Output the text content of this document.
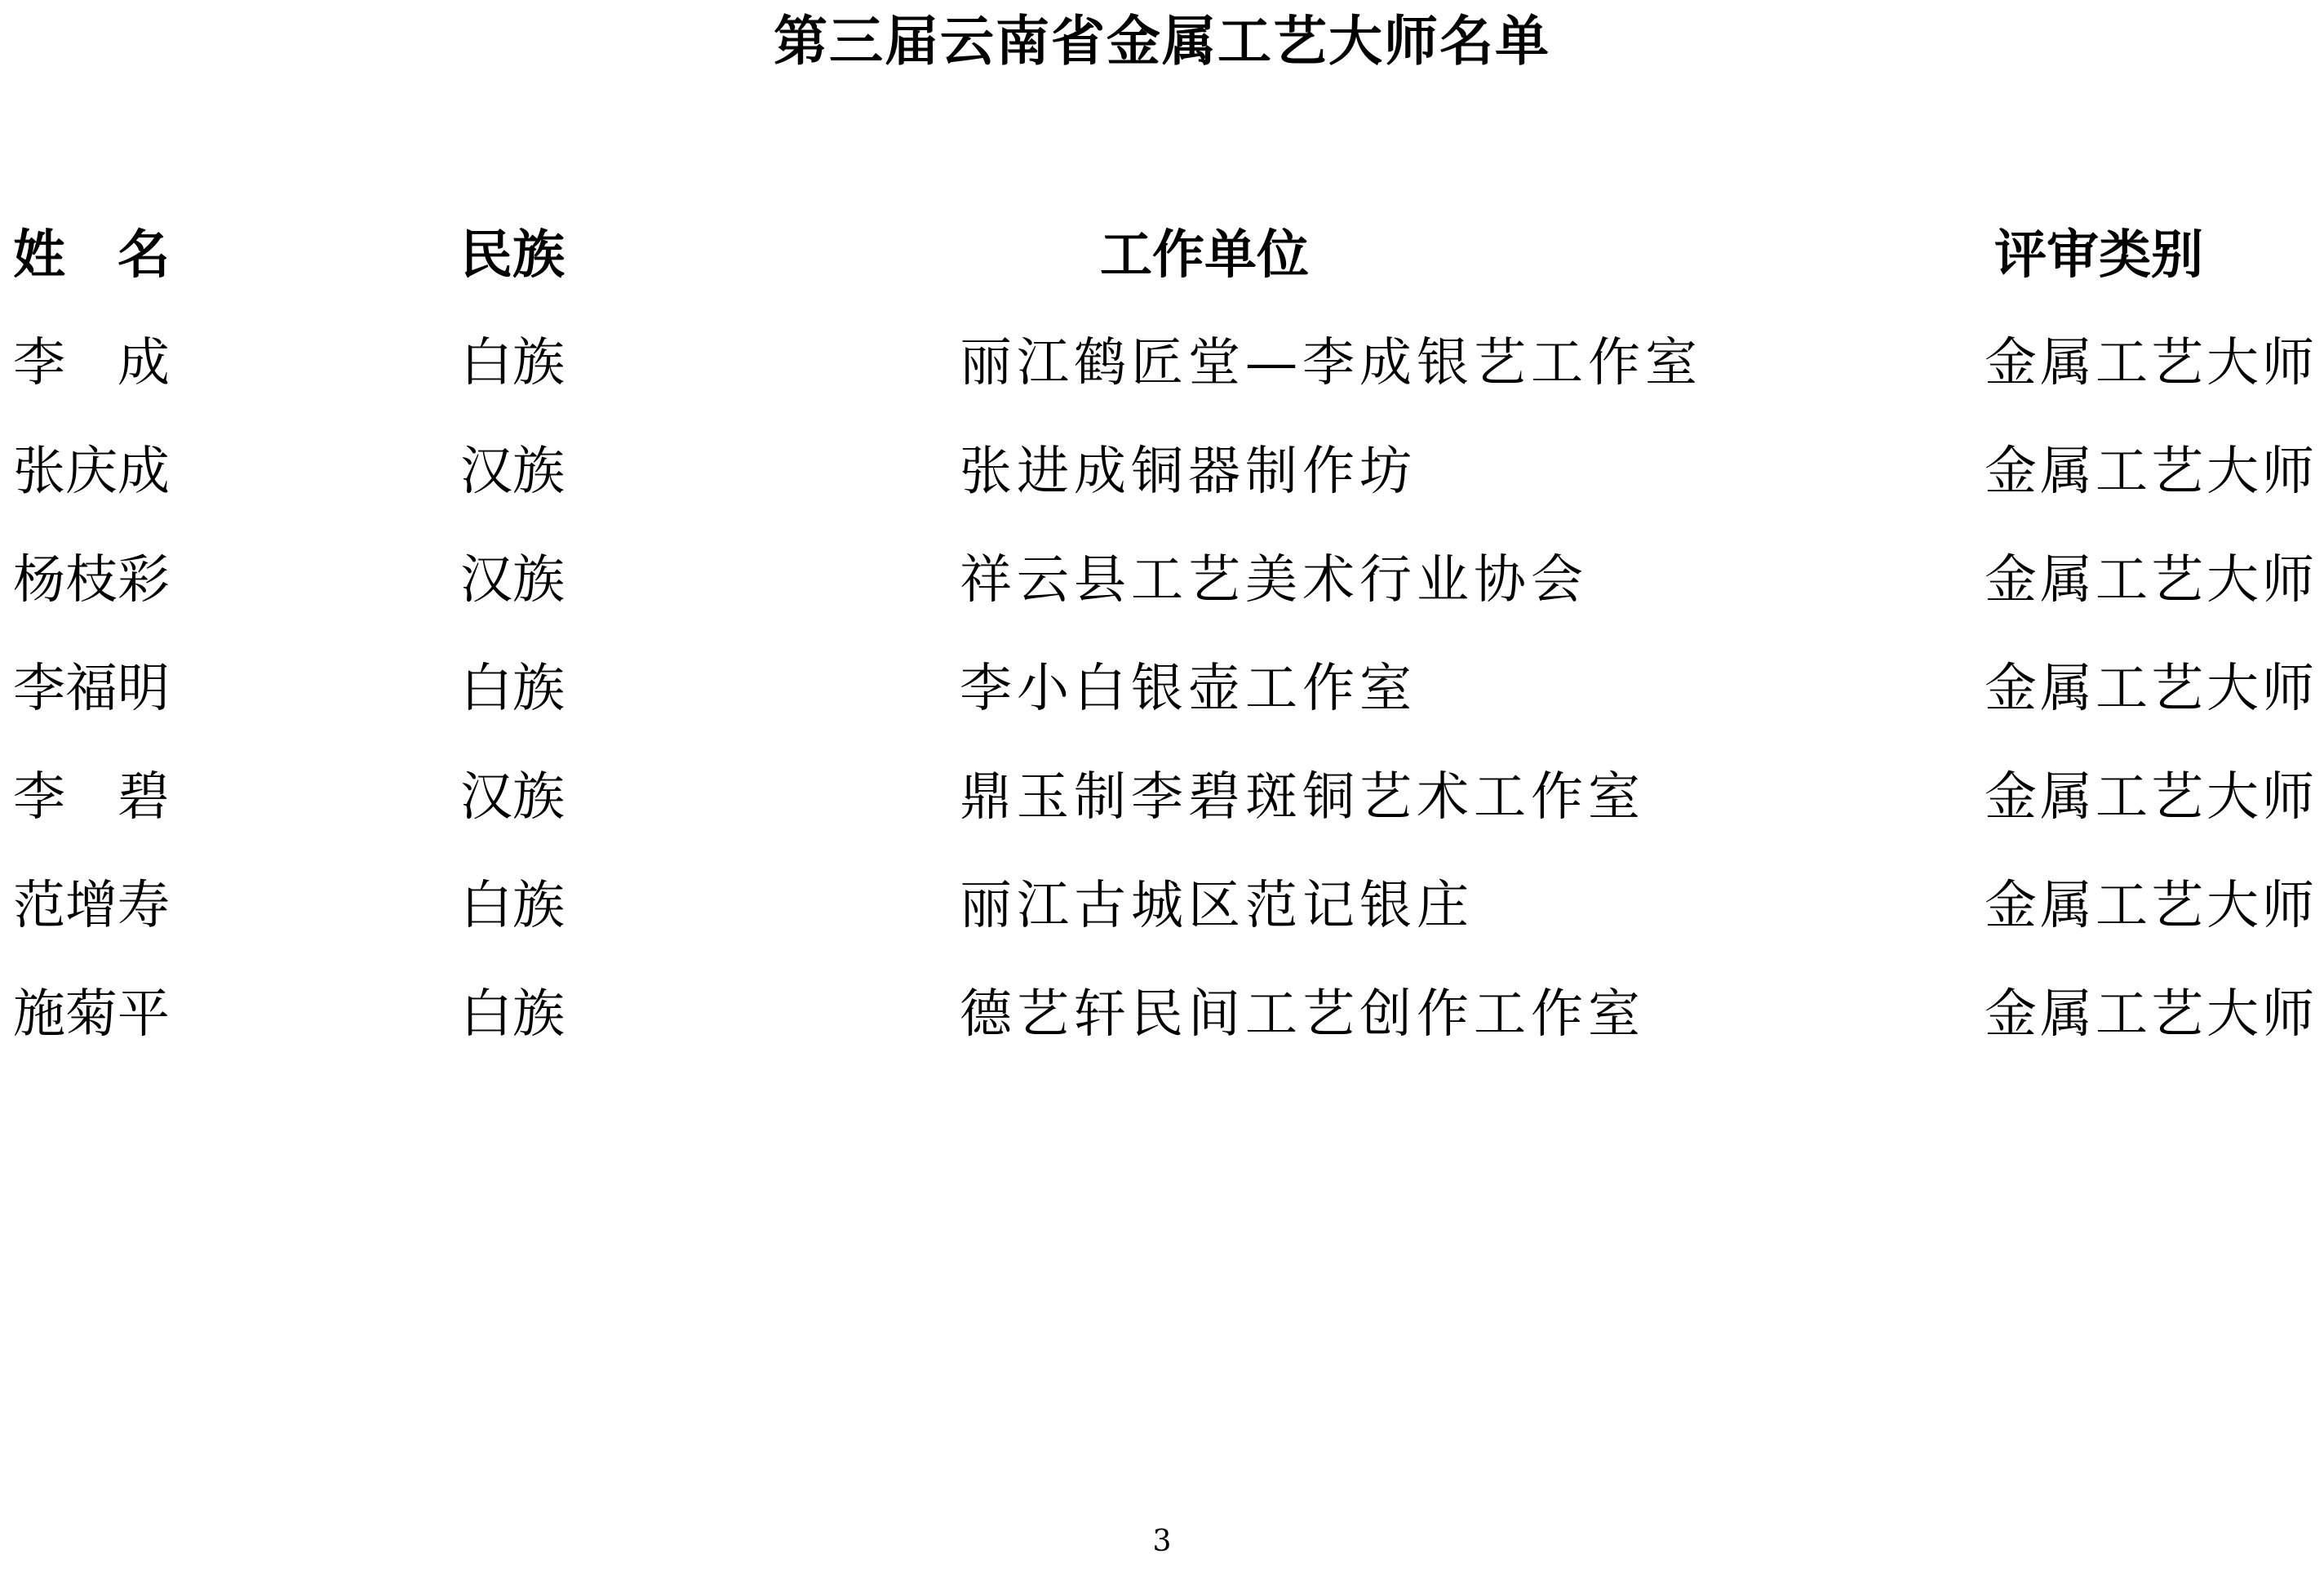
第三届云南省金属工艺大师名单
姓　名	民族	工作单位	评审类别
李　成	白族	丽江鹤匠堂—李成银艺工作室	金属工艺大师
张庆成	汉族	张进成铜器制作坊	金属工艺大师
杨枝彩	汉族	祥云县工艺美术行业协会	金属工艺大师
李福明	白族	李小白银壶工作室	金属工艺大师
李　碧	汉族	鼎玉制李碧斑铜艺术工作室	金属工艺大师
范增寿	白族	丽江古城区范记银庄	金属工艺大师
施菊平	白族	德艺轩民间工艺创作工作室	金属工艺大师
3
